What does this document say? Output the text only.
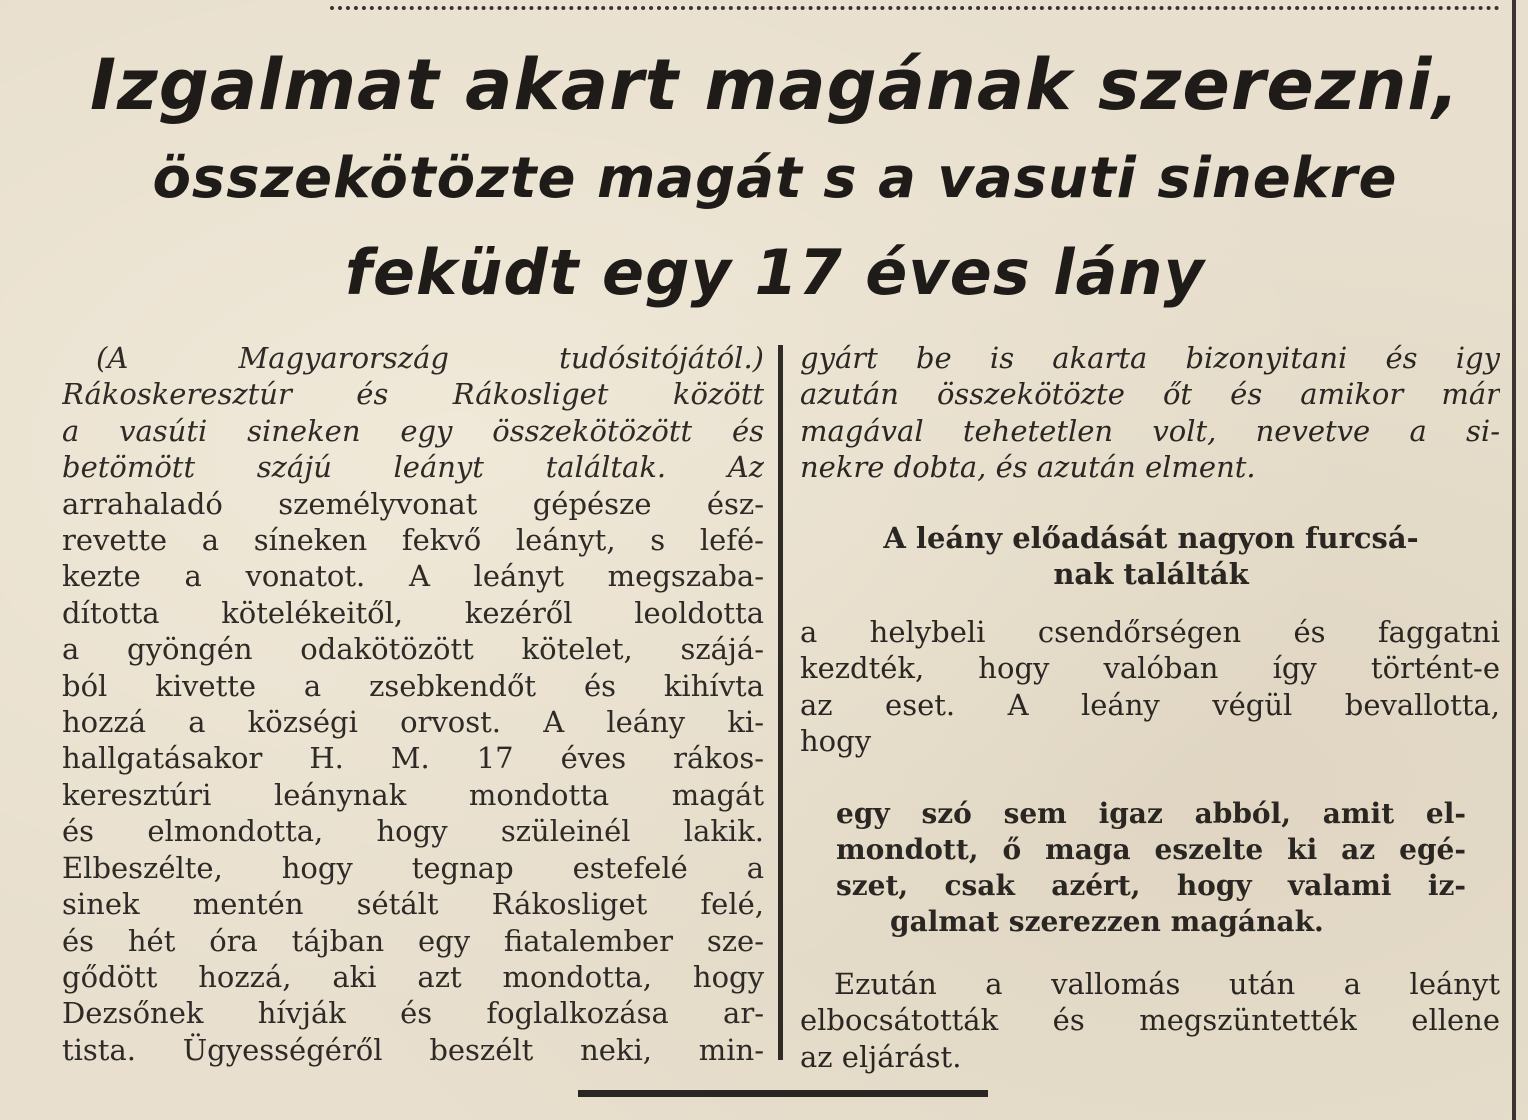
Izgalmat akart magának szerezni,
összekötözte magát s a vasuti sinekre
feküdt egy 17 éves lány
(A Magyarország tudósitójától.)
Rákoskeresztúr és Rákosliget között
a vasúti sineken egy összekötözött és
betömött szájú leányt találtak. Az
arrahaladó személyvonat gépésze ész-
revette a síneken fekvő leányt, s lefé-
kezte a vonatot. A leányt megszaba-
dította kötelékeitől, kezéről leoldotta
a gyöngén odakötözött kötelet, szájá-
ból kivette a zsebkendőt és kihívta
hozzá a községi orvost. A leány ki-
hallgatásakor H. M. 17 éves rákos-
keresztúri leánynak mondotta magát
és elmondotta, hogy szüleinél lakik.
Elbeszélte, hogy tegnap estefelé a
sinek mentén sétált Rákosliget felé,
és hét óra tájban egy fiatalember sze-
gődött hozzá, aki azt mondotta, hogy
Dezsőnek hívják és foglalkozása ar-
tista. Ügyességéről beszélt neki, min-
gyárt be is akarta bizonyitani és igy
azután összekötözte őt és amikor már
magával tehetetlen volt, nevetve a si-
nekre dobta, és azután elment.
A leány előadását nagyon furcsá-
nak találták
a helybeli csendőrségen és faggatni
kezdték, hogy valóban így történt-e
az eset. A leány végül bevallotta,
hogy
egy szó sem igaz abból, amit el-
mondott, ő maga eszelte ki az egé-
szet, csak azért, hogy valami iz-
galmat szerezzen magának.
Ezután a vallomás után a leányt
elbocsátották és megszüntették ellene
az eljárást.
